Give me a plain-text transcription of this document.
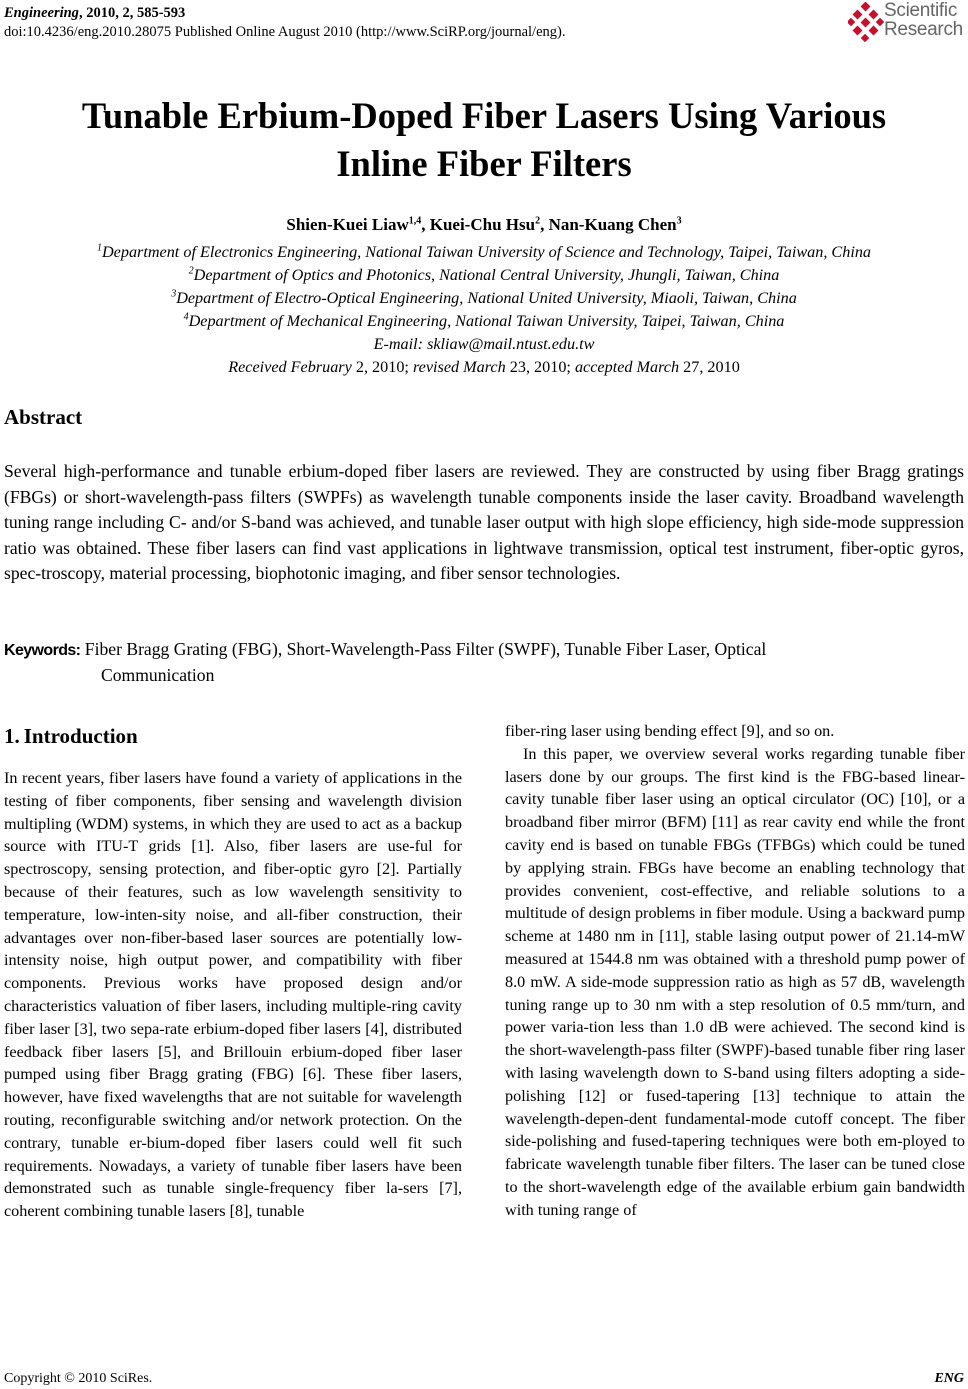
Engineering, 2010, 2, 585-593
doi:10.4236/eng.2010.28075 Published Online August 2010 (http://www.SciRP.org/journal/eng).
Scientific
Research
Tunable Erbium-Doped Fiber Lasers Using Various
Inline Fiber Filters
Shien-Kuei Liaw$^{1,4}$, Kuei-Chu Hsu$^2$, Nan-Kuang Chen$^3$
$^1$Department of Electronics Engineering, National Taiwan University of Science and Technology, Taipei, Taiwan, China
$^2$Department of Optics and Photonics, National Central University, Jhungli, Taiwan, China
$^3$Department of Electro-Optical Engineering, National United University, Miaoli, Taiwan, China
$^4$Department of Mechanical Engineering, National Taiwan University, Taipei, Taiwan, China
E-mail: skliaw@mail.ntust.edu.tw
Received February 2, 2010; revised March 23, 2010; accepted March 27, 2010
Abstract
Several high-performance and tunable erbium-doped fiber lasers are reviewed. They are constructed by using fiber Bragg gratings (FBGs) or short-wavelength-pass filters (SWPFs) as wavelength tunable components inside the laser cavity. Broadband wavelength tuning range including C- and/or S-band was achieved, and tunable laser output with high slope efficiency, high side-mode suppression ratio was obtained. These fiber lasers can find vast applications in lightwave transmission, optical test instrument, fiber-optic gyros, spec-troscopy, material processing, biophotonic imaging, and fiber sensor technologies.
Keywords: Fiber Bragg Grating (FBG), Short-Wavelength-Pass Filter (SWPF), Tunable Fiber Laser, Optical
Communication
1. Introduction

In recent years, fiber lasers have found a variety of applications in the testing of fiber components, fiber sensing and wavelength division multipling (WDM) systems, in which they are used to act as a backup source with ITU-T grids [1]. Also, fiber lasers are use-ful for spectroscopy, sensing protection, and fiber-optic gyro [2]. Partially because of their features, such as low wavelength sensitivity to temperature, low-inten-sity noise, and all-fiber construction, their advantages over non-fiber-based laser sources are potentially low-intensity noise, high output power, and compatibility with fiber components. Previous works have proposed design and/or characteristics valuation of fiber lasers, including multiple-ring cavity fiber laser [3], two sepa-rate erbium-doped fiber lasers [4], distributed feedback fiber lasers [5], and Brillouin erbium-doped fiber laser pumped using fiber Bragg grating (FBG) [6]. These fiber lasers, however, have fixed wavelengths that are not suitable for wavelength routing, reconfigurable switching and/or network protection. On the contrary, tunable er-bium-doped fiber lasers could well fit such requirements. Nowadays, a variety of tunable fiber lasers have been demonstrated such as tunable single-frequency fiber la-sers [7], coherent combining tunable lasers [8], tunable

fiber-ring laser using bending effect [9], and so on.

In this paper, we overview several works regarding tunable fiber lasers done by our groups. The first kind is the FBG-based linear-cavity tunable fiber laser using an optical circulator (OC) [10], or a broadband fiber mirror (BFM) [11] as rear cavity end while the front cavity end is based on tunable FBGs (TFBGs) which could be tuned by applying strain. FBGs have become an enabling technology that provides convenient, cost-effective, and reliable solutions to a multitude of design problems in fiber module. Using a backward pump scheme at 1480 nm in [11], stable lasing output power of 21.14-mW measured at 1544.8 nm was obtained with a threshold pump power of 8.0 mW. A side-mode suppression ratio as high as 57 dB, wavelength tuning range up to 30 nm with a step resolution of 0.5 mm/turn, and power varia-tion less than 1.0 dB were achieved. The second kind is the short-wavelength-pass filter (SWPF)-based tunable fiber ring laser with lasing wavelength down to S-band using filters adopting a side-polishing [12] or fused-tapering [13] technique to attain the wavelength-depen-dent fundamental-mode cutoff concept. The fiber side-polishing and fused-tapering techniques were both em-ployed to fabricate wavelength tunable fiber filters. The laser can be tuned close to the short-wavelength edge of the available erbium gain bandwidth with tuning range of

Copyright © 2010 SciRes.	ENG
